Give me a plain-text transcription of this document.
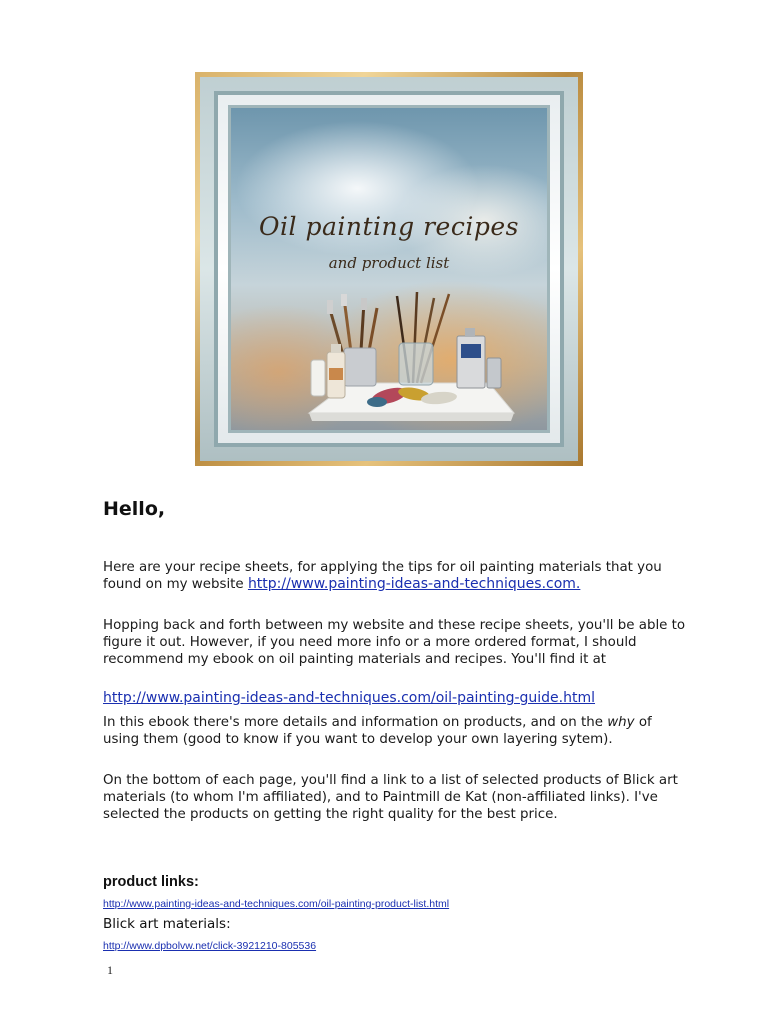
Oil painting recipes
and product list
Hello,

Here are your recipe sheets, for applying the tips for oil painting materials that you found on my website http://www.painting-ideas-and-techniques.com.

Hopping back and forth between my website and these recipe sheets, you'll be able to figure it out. However, if you need more info or a more ordered format, I should recommend my ebook on oil painting materials and recipes. You'll find it at

http://www.painting-ideas-and-techniques.com/oil-painting-guide.html

In this ebook there's more details and information on products, and on the why of using them (good to know if you want to develop your own layering sytem).

On the bottom of each page, you'll find a link to a list of selected products of Blick art materials (to whom I'm affiliated), and to Paintmill de Kat (non-affiliated links). I've selected the products on getting the right quality for the best price.

product links:

http://www.painting-ideas-and-techniques.com/oil-painting-product-list.html

Blick art materials:

http://www.dpbolvw.net/click-3921210-805536

1
